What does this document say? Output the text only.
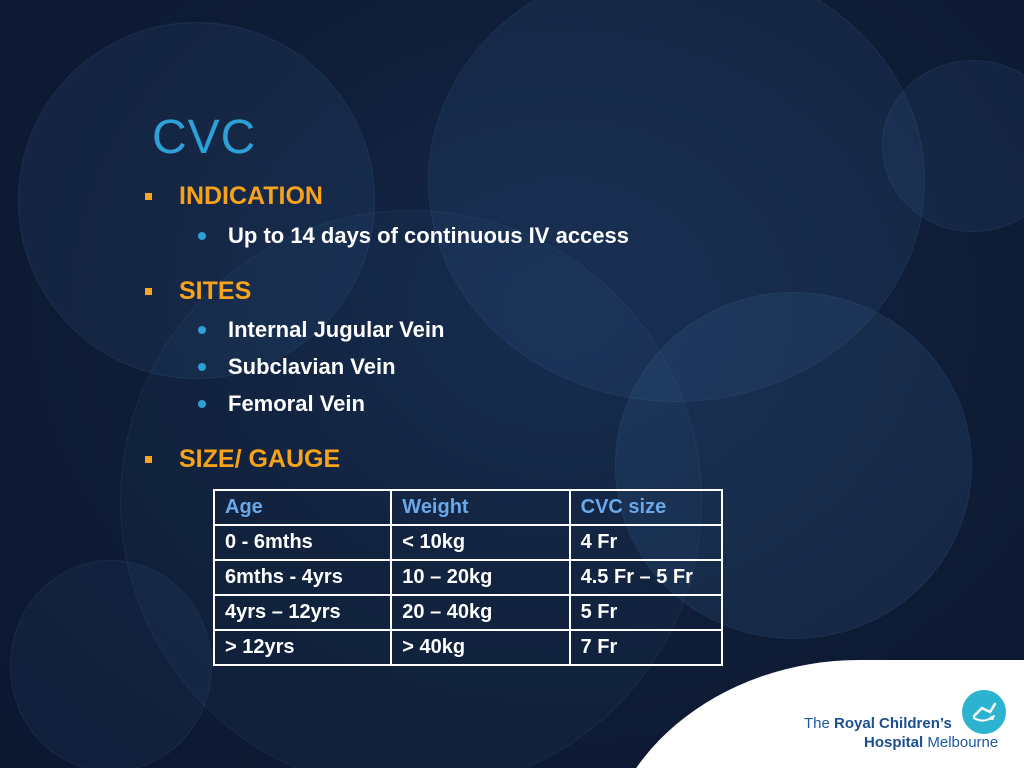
CVC
INDICATION
Up to 14 days of continuous IV access
SITES
Internal Jugular Vein
Subclavian Vein
Femoral Vein
SIZE/ GAUGE
Age	Weight	CVC size
0 - 6mths	< 10kg	4 Fr
6mths - 4yrs	10 – 20kg	4.5 Fr – 5 Fr
4yrs – 12yrs	20 – 40kg	5 Fr
> 12yrs	> 40kg	7 Fr
The Royal Children’s
Hospital Melbourne
